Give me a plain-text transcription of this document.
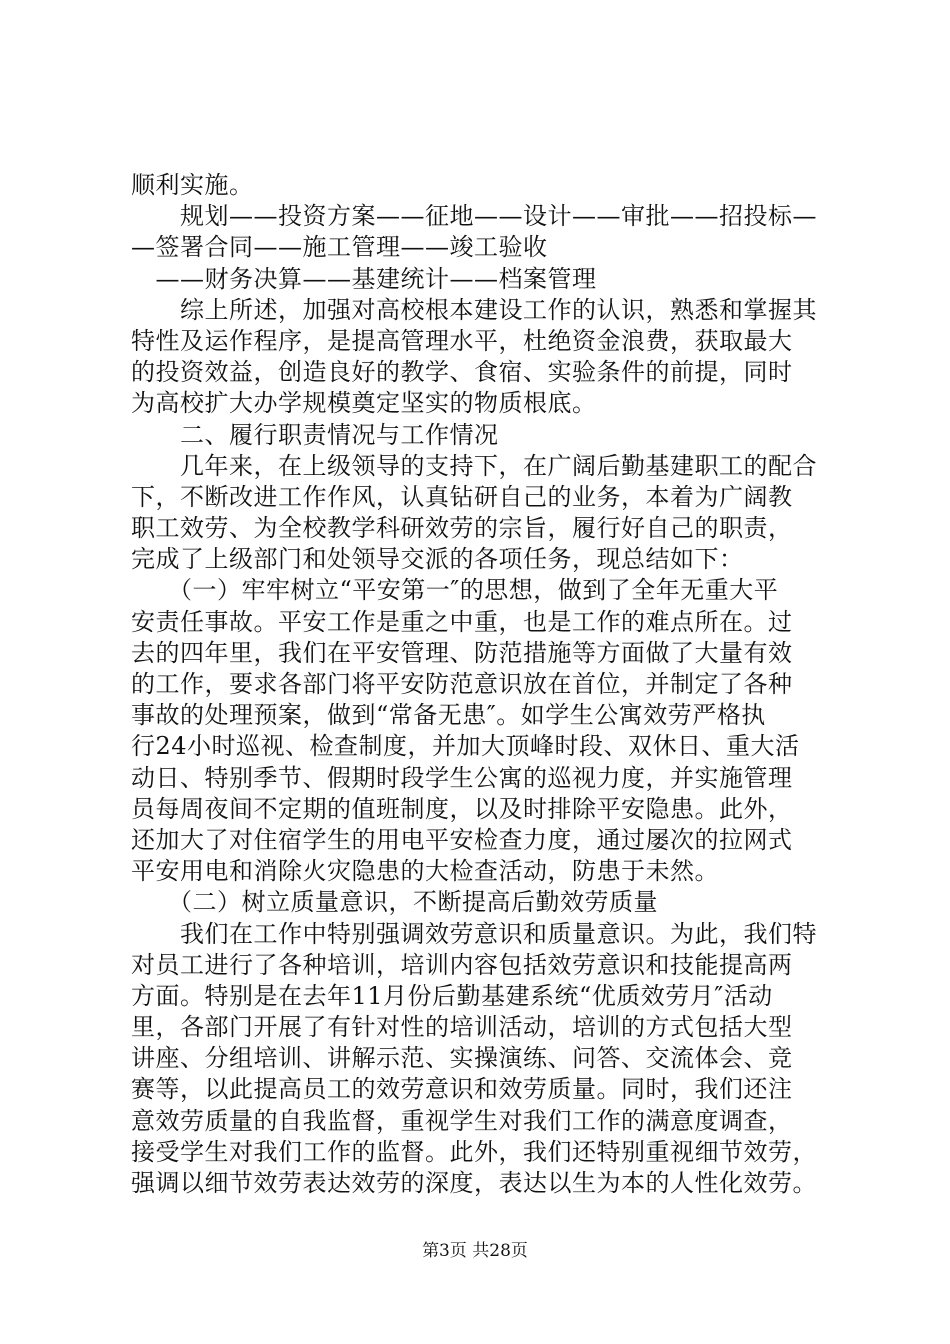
顺利实施。
　　规划——投资方案——征地——设计——审批——招投标—
—签署合同——施工管理——竣工验收
　——财务决算——基建统计——档案管理
　　综上所述，加强对高校根本建设工作的认识，熟悉和掌握其
特性及运作程序，是提高管理水平，杜绝资金浪费，获取最大
的投资效益，创造良好的教学、食宿、实验条件的前提，同时
为高校扩大办学规模奠定坚实的物质根底。
　　二、履行职责情况与工作情况
　　几年来，在上级领导的支持下，在广阔后勤基建职工的配合
下，不断改进工作作风，认真钻研自己的业务，本着为广阔教
职工效劳、为全校教学科研效劳的宗旨，履行好自己的职责，
完成了上级部门和处领导交派的各项任务，现总结如下：
　　（一）牢牢树立“平安第一″的思想，做到了全年无重大平
安责任事故。平安工作是重之中重，也是工作的难点所在。过
去的四年里，我们在平安管理、防范措施等方面做了大量有效
的工作，要求各部门将平安防范意识放在首位，并制定了各种
事故的处理预案，做到“常备无患″。如学生公寓效劳严格执
行24小时巡视、检查制度，并加大顶峰时段、双休日、重大活
动日、特别季节、假期时段学生公寓的巡视力度，并实施管理
员每周夜间不定期的值班制度，以及时排除平安隐患。此外，
还加大了对住宿学生的用电平安检查力度，通过屡次的拉网式
平安用电和消除火灾隐患的大检查活动，防患于未然。
　　（二）树立质量意识，不断提高后勤效劳质量
　　我们在工作中特别强调效劳意识和质量意识。为此，我们特
对员工进行了各种培训，培训内容包括效劳意识和技能提高两
方面。特别是在去年11月份后勤基建系统“优质效劳月″活动
里，各部门开展了有针对性的培训活动，培训的方式包括大型
讲座、分组培训、讲解示范、实操演练、问答、交流体会、竞
赛等，以此提高员工的效劳意识和效劳质量。同时，我们还注
意效劳质量的自我监督，重视学生对我们工作的满意度调查，
接受学生对我们工作的监督。此外，我们还特别重视细节效劳，
强调以细节效劳表达效劳的深度，表达以生为本的人性化效劳。
第3页 共28页
